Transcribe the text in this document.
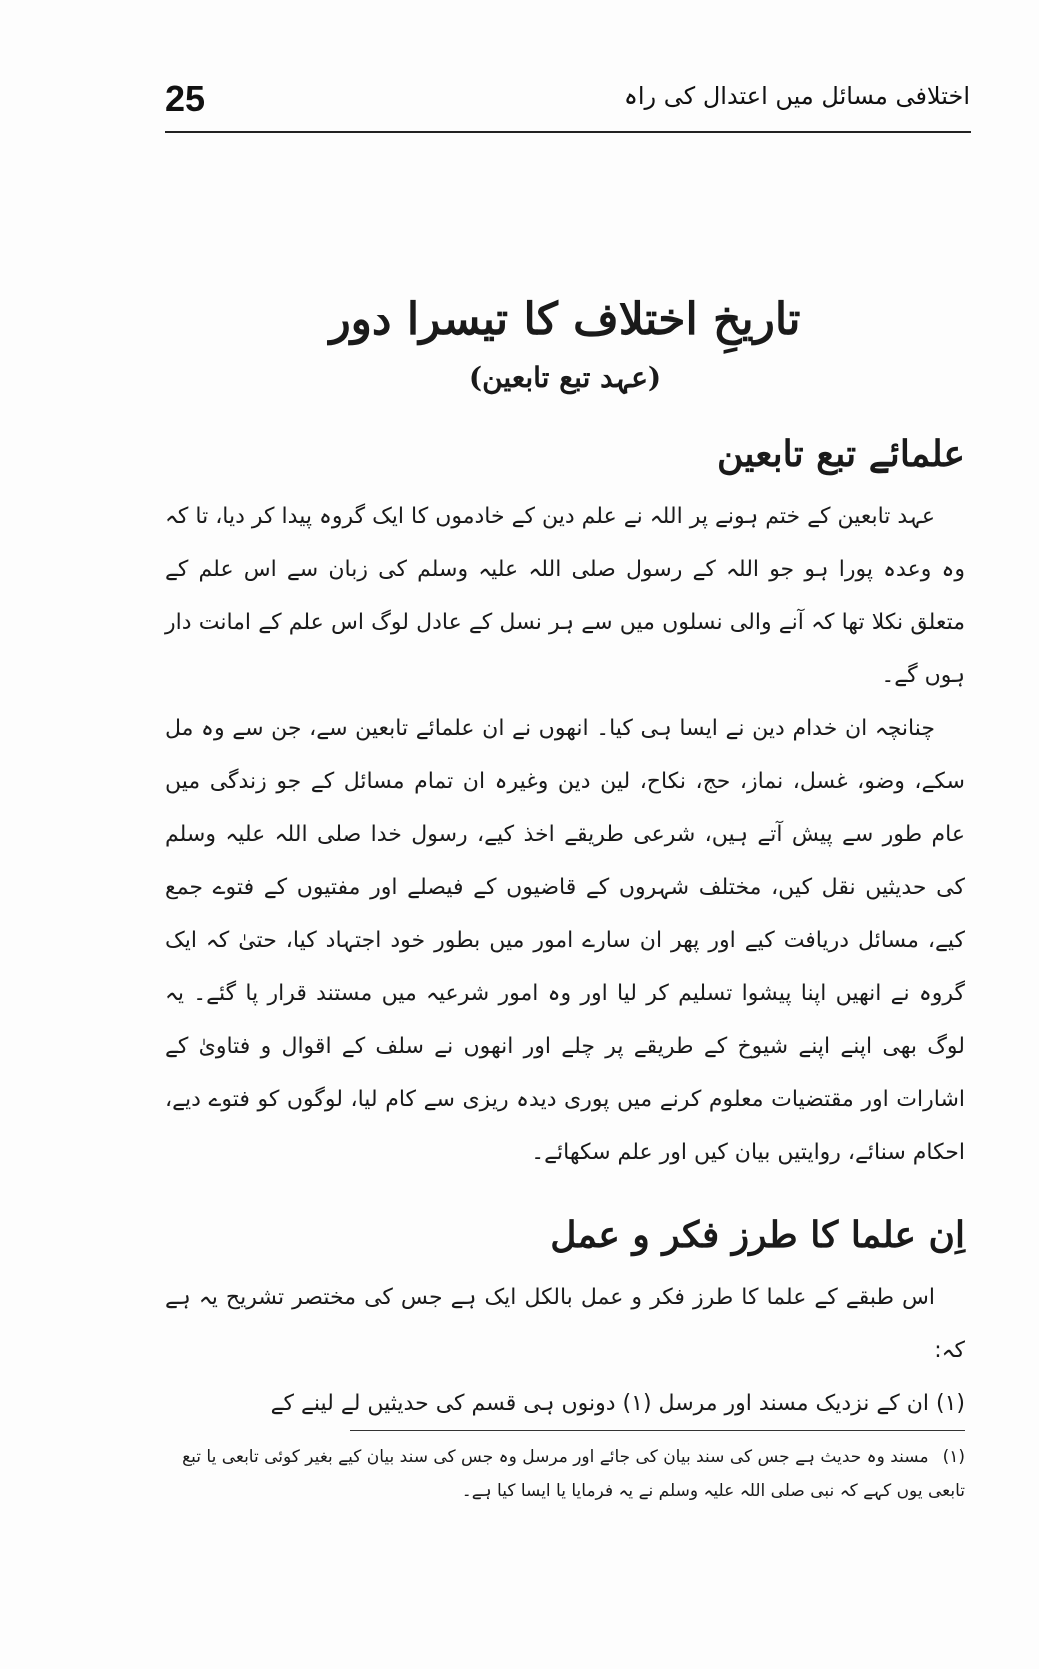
25	اختلافی مسائل میں اعتدال کی راہ
تاریخِ اختلاف کا تیسرا دور
(عہد تبع تابعین)
علمائے تبع تابعین

عہد تابعین کے ختم ہونے پر اللہ نے علم دین کے خادموں کا ایک گروہ پیدا کر دیا، تا کہ وہ وعدہ پورا ہو جو اللہ کے رسول صلی اللہ علیہ وسلم کی زبان سے اس علم کے متعلق نکلا تھا کہ آنے والی نسلوں میں سے ہر نسل کے عادل لوگ اس علم کے امانت دار ہوں گے۔

چنانچہ ان خدام دین نے ایسا ہی کیا۔ انھوں نے ان علمائے تابعین سے، جن سے وہ مل سکے، وضو، غسل، نماز، حج، نکاح، لین دین وغیرہ ان تمام مسائل کے جو زندگی میں عام طور سے پیش آتے ہیں، شرعی طریقے اخذ کیے، رسول خدا صلی اللہ علیہ وسلم کی حدیثیں نقل کیں، مختلف شہروں کے قاضیوں کے فیصلے اور مفتیوں کے فتوے جمع کیے، مسائل دریافت کیے اور پھر ان سارے امور میں بطور خود اجتہاد کیا، حتیٰ کہ ایک گروہ نے انھیں اپنا پیشوا تسلیم کر لیا اور وہ امور شرعیہ میں مستند قرار پا گئے۔ یہ لوگ بھی اپنے اپنے شیوخ کے طریقے پر چلے اور انھوں نے سلف کے اقوال و فتاویٰ کے اشارات اور مقتضیات معلوم کرنے میں پوری دیدہ ریزی سے کام لیا، لوگوں کو فتوے دیے، احکام سنائے، روایتیں بیان کیں اور علم سکھائے۔

اِن علما کا طرز فکر و عمل

اس طبقے کے علما کا طرز فکر و عمل بالکل ایک ہے جس کی مختصر تشریح یہ ہے کہ:

(۱) ان کے نزدیک مسند اور مرسل (۱) دونوں ہی قسم کی حدیثیں لے لینے کے

(۱)مسند وہ حدیث ہے جس کی سند بیان کی جائے اور مرسل وہ جس کی سند بیان کیے بغیر کوئی تابعی یا تبع تابعی یوں کہے کہ نبی صلی اللہ علیہ وسلم نے یہ فرمایا یا ایسا کیا ہے۔
